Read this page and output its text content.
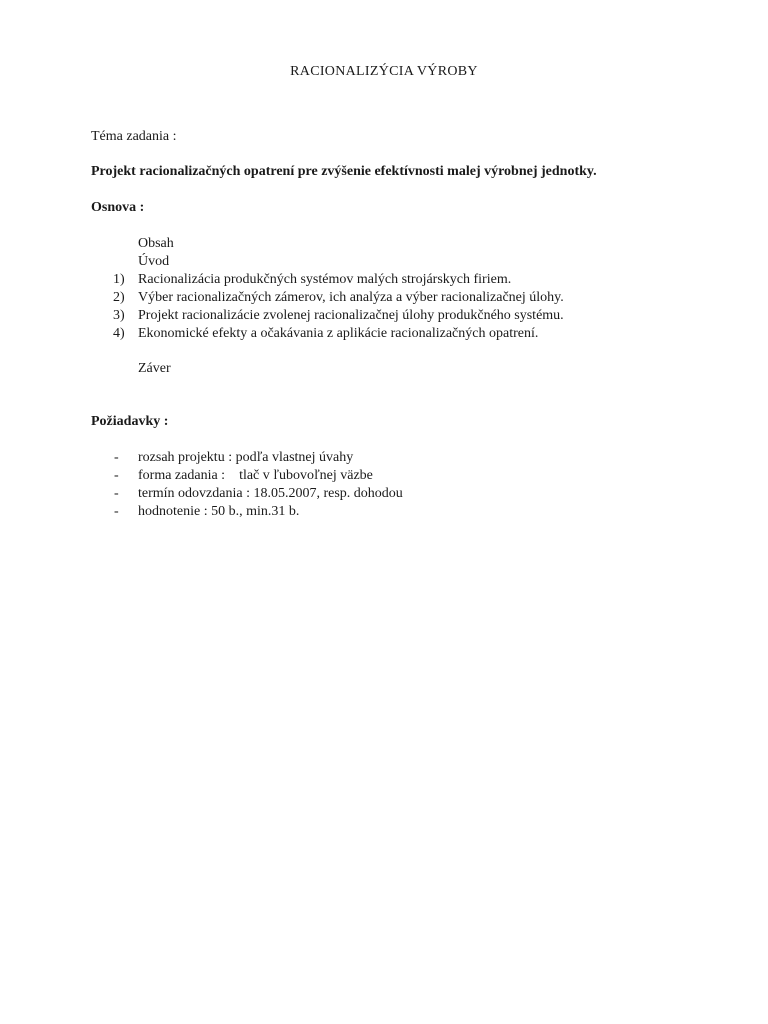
RACIONALIZÝCIA VÝROBY
Téma zadania :
Projekt racionalizačných opatrení pre zvýšenie efektívnosti malej výrobnej jednotky.
Osnova :
Obsah
Úvod
1) Racionalizácia produkčných systémov malých strojárskych firiem.
2) Výber racionalizačných zámerov, ich analýza a výber racionalizačnej úlohy.
3) Projekt racionalizácie zvolenej racionalizačnej úlohy produkčného systému.
4) Ekonomické efekty a očakávania z aplikácie racionalizačných opatrení.
Záver
Požiadavky :
- rozsah projektu : podľa vlastnej úvahy
- forma zadania :    tlač v ľubovoľnej väzbe
- termín odovzdania : 18.05.2007, resp. dohodou
- hodnotenie : 50 b., min.31 b.
